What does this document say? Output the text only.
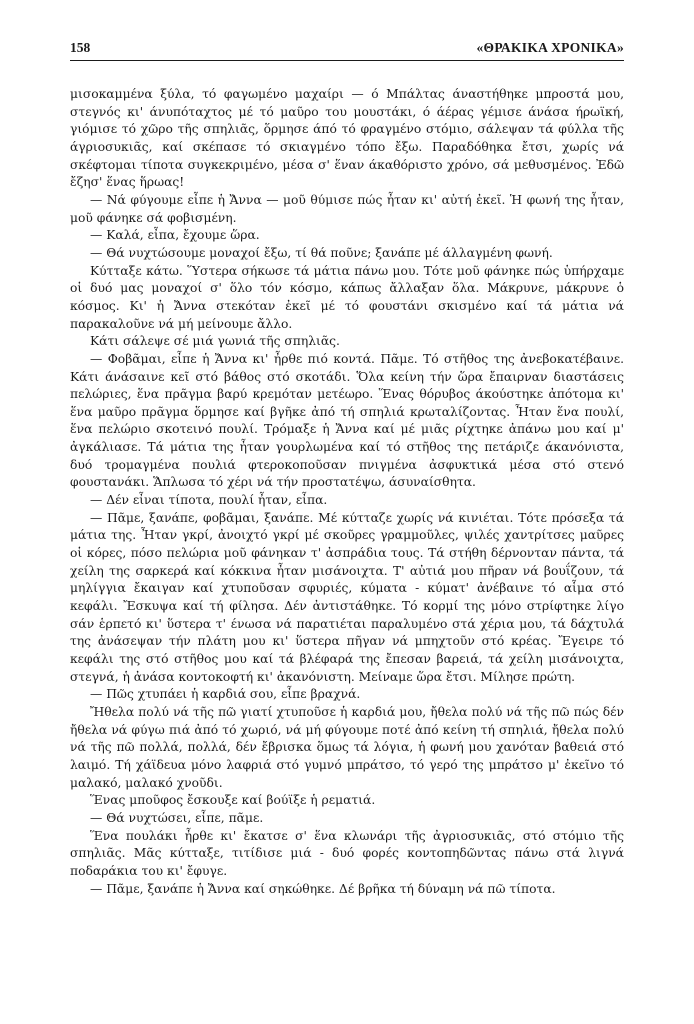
158	«ΘΡΑΚΙΚΑ ΧΡΟΝΙΚΑ»

μισοκαμμένα ξύλα, τό φαγωμένο μαχαίρι — ό Μπάλτας άναστήθηκε μπροστά μου, στεγνός κι' άνυπόταχτος μέ τό μαῦρο του μουστάκι, ό άέρας γέμισε άνάσα ήρωϊκή, γιόμισε τό χῶρο τῆς σπηλιᾶς, ὅρμησε άπό τό φραγμένο στόμιο, σάλεψαν τά φύλλα τῆς άγριοσυκιᾶς, καί σκέπασε τό σκιαγμένο τόπο ἔξω. Παραδόθηκα ἔτσι, χωρίς νά σκέφτομαι τίποτα συγκεκριμένο, μέσα σ' ἕναν άκαθόριστο χρόνο, σά μεθυσμένος. Ἐδῶ ἔζησ' ἕνας ἥρωας!

— Νά φύγουμε εἶπε ἡ Ἄννα — μοῦ θύμισε πώς ἦταν κι' αὐτή ἐκεῖ. Ἡ φωνή της ἦταν, μοῦ φάνηκε σά φοβισμένη.

— Καλά, εἶπα, ἔχουμε ὥρα.

— Θά νυχτώσουμε μοναχοί ἔξω, τί θά ποῦνε; ξανάπε μέ άλλαγμένη φωνή.

Κύτταξε κάτω. Ὕστερα σήκωσε τά μάτια πάνω μου. Τότε μοῦ φάνηκε πώς ὑπήρχαμε οἱ δυό μας μοναχοί σ' ὅλο τόν κόσμο, κάπως ἄλλαξαν ὅλα. Μάκρυνε, μάκρυνε ὁ κόσμος. Κι' ἡ Ἄννα στεκόταν ἐκεῖ μέ τό φουστάνι σκισμένο καί τά μάτια νά παρακαλοῦνε νά μή μείνουμε ἄλλο.

Κάτι σάλεψε σέ μιά γωνιά τῆς σπηλιᾶς.

— Φοβᾶμαι, εἶπε ἡ Ἄννα κι' ἦρθε πιό κοντά. Πᾶμε. Τό στῆθος της ἀνεβοκατέβαινε. Κάτι άνάσαινε κεῖ στό βάθος στό σκοτάδι. Ὅλα κείνη τήν ὥρα ἔπαιρναν διαστάσεις πελώριες, ἕνα πρᾶγμα βαρύ κρεμόταν μετέωρο. Ἕνας θόρυβος άκούστηκε ἀπότομα κι' ἕνα μαῦρο πρᾶγμα ὅρμησε καί βγῆκε ἀπό τή σπηλιά κρωταλίζοντας. Ἦταν ἕνα πουλί, ἕνα πελώριο σκοτεινό πουλί. Τρόμαξε ἡ Ἄννα καί μέ μιᾶς ρίχτηκε ἀπάνω μου καί μ' ἀγκάλιασε. Τά μάτια της ἦταν γουρλωμένα καί τό στῆθος της πετάριζε άκανόνιστα, δυό τρομαγμένα πουλιά φτεροκοποῦσαν πνιγμένα ἀσφυκτικά μέσα στό στενό φουστανάκι. Ἅπλωσα τό χέρι νά τήν προστατέψω, άσυναίσθητα.

— Δέν εἶναι τίποτα, πουλί ἦταν, εἶπα.

— Πᾶμε, ξανάπε, φοβᾶμαι, ξανάπε. Μέ κύτταζε χωρίς νά κινιέται. Τότε πρόσεξα τά μάτια της. Ἦταν γκρί, ἀνοιχτό γκρί μέ σκοῦρες γραμμοῦλες, ψιλές χαντρίτσες μαῦρες οἱ κόρες, πόσο πελώρια μοῦ φάνηκαν τ' ἀσπράδια τους. Τά στήθη δέρνονταν πάντα, τά χείλη της σαρκερά καί κόκκινα ἦταν μισάνοιχτα. Τ' αὐτιά μου πῆραν νά βουΐζουν, τά μηλίγγια ἔκαιγαν καί χτυποῦσαν σφυριές, κύματα - κύματ' ἀνέβαινε τό αἷμα στό κεφάλι. Ἔσκυψα καί τή φίλησα. Δέν ἀντιστάθηκε. Τό κορμί της μόνο στρίφτηκε λίγο σάν ἑρπετό κι' ὕστερα τ' ένωσα νά παρατιέται παραλυμένο στά χέρια μου, τά δάχτυλά της ἀνάσεψαν τήν πλάτη μου κι' ὕστερα πῆγαν νά μπηχτοῦν στό κρέας. Ἔγειρε τό κεφάλι της στό στῆθος μου καί τά βλέφαρά της ἔπεσαν βαρειά, τά χείλη μισάνοιχτα, στεγνά, ἡ ἀνάσα κοντοκοφτή κι' ἀκανόνιστη. Μείναμε ὥρα ἔτσι. Μίλησε πρώτη.

— Πῶς χτυπάει ἡ καρδιά σου, εἶπε βραχνά.

Ἤθελα πολύ νά τῆς πῶ γιατί χτυποῦσε ἡ καρδιά μου, ἤθελα πολύ νά τῆς πῶ πώς δέν ἤθελα νά φύγω πιά ἀπό τό χωριό, νά μή φύγουμε ποτέ ἀπό κείνη τή σπηλιά, ἤθελα πολύ νά τῆς πῶ πολλά, πολλά, δέν ἔβρισκα ὅμως τά λόγια, ἡ φωνή μου χανόταν βαθειά στό λαιμό. Τή χάϊδευα μόνο λαφριά στό γυμνό μπράτσο, τό γερό της μπράτσο μ' ἐκεῖνο τό μαλακό, μαλακό χνοῦδι.

Ἕνας μποῦφος ἔσκουξε καί βούϊξε ἡ ρεματιά.

— Θά νυχτώσει, εἶπε, πᾶμε.

Ἕνα πουλάκι ἦρθε κι' ἔκατσε σ' ἕνα κλωνάρι τῆς ἀγριοσυκιᾶς, στό στόμιο τῆς σπηλιᾶς. Μᾶς κύτταξε, τιτίδισε μιά - δυό φορές κοντοπηδῶντας πάνω στά λιγνά ποδαράκια του κι' ἔφυγε.

— Πᾶμε, ξανάπε ἡ Ἄννα καί σηκώθηκε. Δέ βρῆκα τή δύναμη νά πῶ τίποτα.
